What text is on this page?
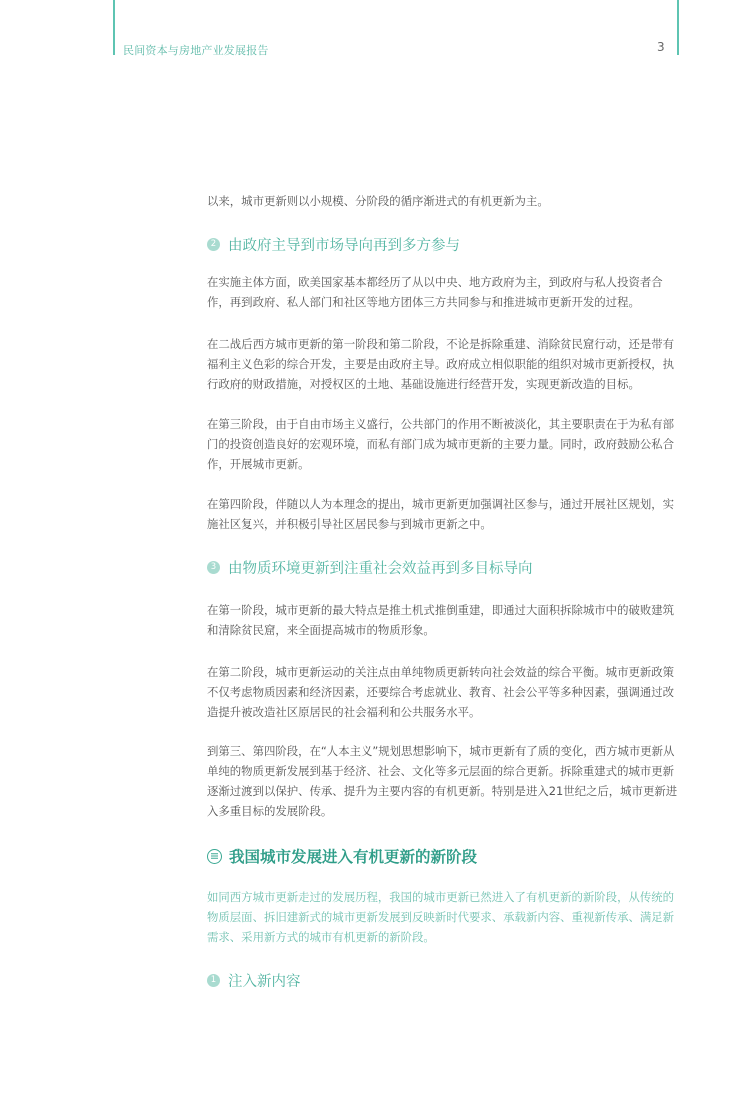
民间资本与房地产业发展报告	3

以来，城市更新则以小规模、分阶段的循序渐进式的有机更新为主。

2 由政府主导到市场导向再到多方参与

在实施主体方面，欧美国家基本都经历了从以中央、地方政府为主，到政府与私人投资者合作，再到政府、私人部门和社区等地方团体三方共同参与和推进城市更新开发的过程。

在二战后西方城市更新的第一阶段和第二阶段，不论是拆除重建、消除贫民窟行动，还是带有福利主义色彩的综合开发，主要是由政府主导。政府成立相似职能的组织对城市更新授权，执行政府的财政措施，对授权区的土地、基础设施进行经营开发，实现更新改造的目标。

在第三阶段，由于自由市场主义盛行，公共部门的作用不断被淡化，其主要职责在于为私有部门的投资创造良好的宏观环境，而私有部门成为城市更新的主要力量。同时，政府鼓励公私合作，开展城市更新。

在第四阶段，伴随以人为本理念的提出，城市更新更加强调社区参与，通过开展社区规划，实施社区复兴，并积极引导社区居民参与到城市更新之中。

3 由物质环境更新到注重社会效益再到多目标导向

在第一阶段，城市更新的最大特点是推土机式推倒重建，即通过大面积拆除城市中的破败建筑和清除贫民窟，来全面提高城市的物质形象。

在第二阶段，城市更新运动的关注点由单纯物质更新转向社会效益的综合平衡。城市更新政策不仅考虑物质因素和经济因素，还要综合考虑就业、教育、社会公平等多种因素，强调通过改造提升被改造社区原居民的社会福利和公共服务水平。

到第三、第四阶段，在“人本主义”规划思想影响下，城市更新有了质的变化，西方城市更新从单纯的物质更新发展到基于经济、社会、文化等多元层面的综合更新。拆除重建式的城市更新逐渐过渡到以保护、传承、提升为主要内容的有机更新。特别是进入21世纪之后，城市更新进入多重目标的发展阶段。

我国城市发展进入有机更新的新阶段

如同西方城市更新走过的发展历程，我国的城市更新已然进入了有机更新的新阶段，从传统的物质层面、拆旧建新式的城市更新发展到反映新时代要求、承载新内容、重视新传承、满足新需求、采用新方式的城市有机更新的新阶段。

1 注入新内容
